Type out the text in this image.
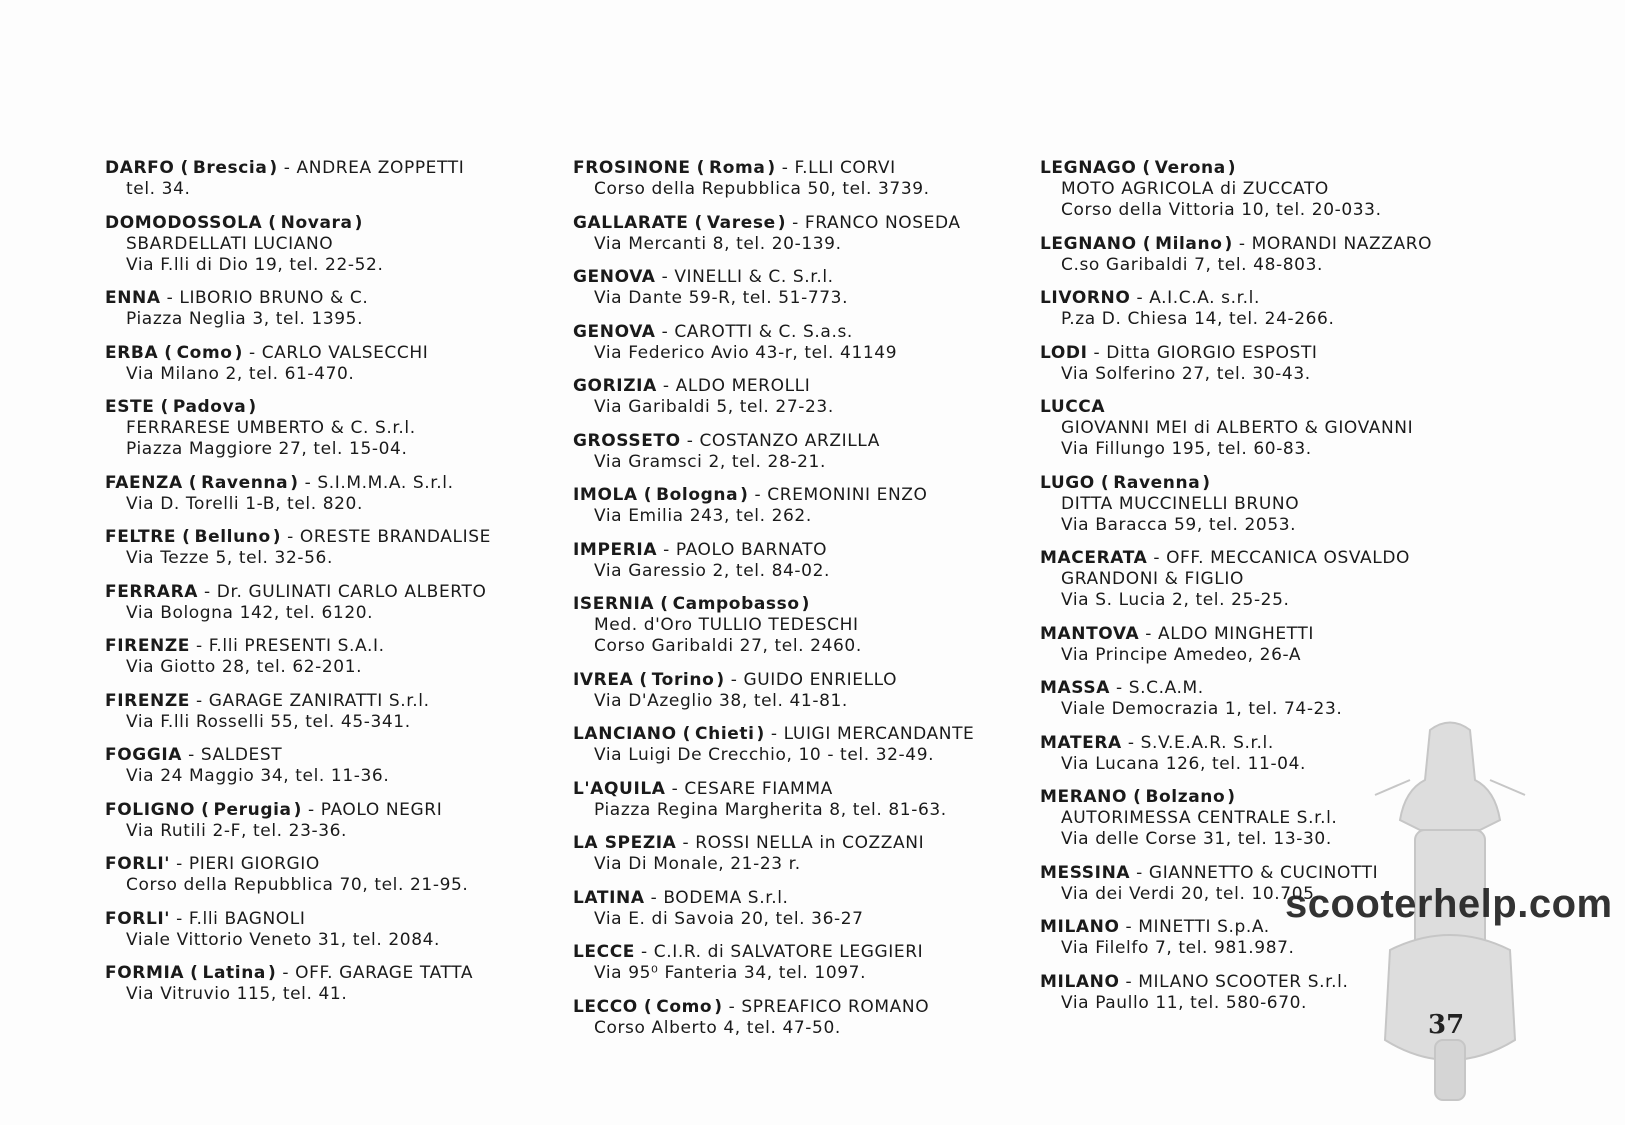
DARFO ( Brescia ) - ANDREA ZOPPETTI
tel. 34.
DOMODOSSOLA ( Novara )
SBARDELLATI LUCIANO
Via F.lli di Dio 19, tel. 22-52.
ENNA - LIBORIO BRUNO & C.
Piazza Neglia 3, tel. 1395.
ERBA ( Como ) - CARLO VALSECCHI
Via Milano 2, tel. 61-470.
ESTE ( Padova )
FERRARESE UMBERTO & C. S.r.l.
Piazza Maggiore 27, tel. 15-04.
FAENZA ( Ravenna ) - S.I.M.M.A. S.r.l.
Via D. Torelli 1-B, tel. 820.
FELTRE ( Belluno ) - ORESTE BRANDALISE
Via Tezze 5, tel. 32-56.
FERRARA - Dr. GULINATI CARLO ALBERTO
Via Bologna 142, tel. 6120.
FIRENZE - F.lli PRESENTI S.A.I.
Via Giotto 28, tel. 62-201.
FIRENZE - GARAGE ZANIRATTI S.r.l.
Via F.lli Rosselli 55, tel. 45-341.
FOGGIA - SALDEST
Via 24 Maggio 34, tel. 11-36.
FOLIGNO ( Perugia ) - PAOLO NEGRI
Via Rutili 2-F, tel. 23-36.
FORLI' - PIERI GIORGIO
Corso della Repubblica 70, tel. 21-95.
FORLI' - F.lli BAGNOLI
Viale Vittorio Veneto 31, tel. 2084.
FORMIA ( Latina ) - OFF. GARAGE TATTA
Via Vitruvio 115, tel. 41.
FROSINONE ( Roma ) - F.LLI CORVI
Corso della Repubblica 50, tel. 3739.
GALLARATE ( Varese ) - FRANCO NOSEDA
Via Mercanti 8, tel. 20-139.
GENOVA - VINELLI & C. S.r.l.
Via Dante 59-R, tel. 51-773.
GENOVA - CAROTTI & C. S.a.s.
Via Federico Avio 43-r, tel. 41149
GORIZIA - ALDO MEROLLI
Via Garibaldi 5, tel. 27-23.
GROSSETO - COSTANZO ARZILLA
Via Gramsci 2, tel. 28-21.
IMOLA ( Bologna ) - CREMONINI ENZO
Via Emilia 243, tel. 262.
IMPERIA - PAOLO BARNATO
Via Garessio 2, tel. 84-02.
ISERNIA ( Campobasso )
Med. d'Oro TULLIO TEDESCHI
Corso Garibaldi 27, tel. 2460.
IVREA ( Torino ) - GUIDO ENRIELLO
Via D'Azeglio 38, tel. 41-81.
LANCIANO ( Chieti ) - LUIGI MERCANDANTE
Via Luigi De Crecchio, 10 - tel. 32-49.
L'AQUILA - CESARE FIAMMA
Piazza Regina Margherita 8, tel. 81-63.
LA SPEZIA - ROSSI NELLA in COZZANI
Via Di Monale, 21-23 r.
LATINA - BODEMA S.r.l.
Via E. di Savoia 20, tel. 36-27
LECCE - C.I.R. di SALVATORE LEGGIERI
Via 95⁰ Fanteria 34, tel. 1097.
LECCO ( Como ) - SPREAFICO ROMANO
Corso Alberto 4, tel. 47-50.
LEGNAGO ( Verona )
MOTO AGRICOLA di ZUCCATO
Corso della Vittoria 10, tel. 20-033.
LEGNANO ( Milano ) - MORANDI NAZZARO
C.so Garibaldi 7, tel. 48-803.
LIVORNO - A.I.C.A. s.r.l.
P.za D. Chiesa 14, tel. 24-266.
LODI - Ditta GIORGIO ESPOSTI
Via Solferino 27, tel. 30-43.
LUCCA
GIOVANNI MEI di ALBERTO & GIOVANNI
Via Fillungo 195, tel. 60-83.
LUGO ( Ravenna )
DITTA MUCCINELLI BRUNO
Via Baracca 59, tel. 2053.
MACERATA - OFF. MECCANICA OSVALDO
GRANDONI & FIGLIO
Via S. Lucia 2, tel. 25-25.
MANTOVA - ALDO MINGHETTI
Via Principe Amedeo, 26-A
MASSA - S.C.A.M.
Viale Democrazia 1, tel. 74-23.
MATERA - S.V.E.A.R. S.r.l.
Via Lucana 126, tel. 11-04.
MERANO ( Bolzano )
AUTORIMESSA CENTRALE S.r.l.
Via delle Corse 31, tel. 13-30.
MESSINA - GIANNETTO & CUCINOTTI
Via dei Verdi 20, tel. 10.705.
MILANO - MINETTI S.p.A.
Via Filelfo 7, tel. 981.987.
MILANO - MILANO SCOOTER S.r.l.
Via Paullo 11, tel. 580-670.
scooterhelp.com
37
